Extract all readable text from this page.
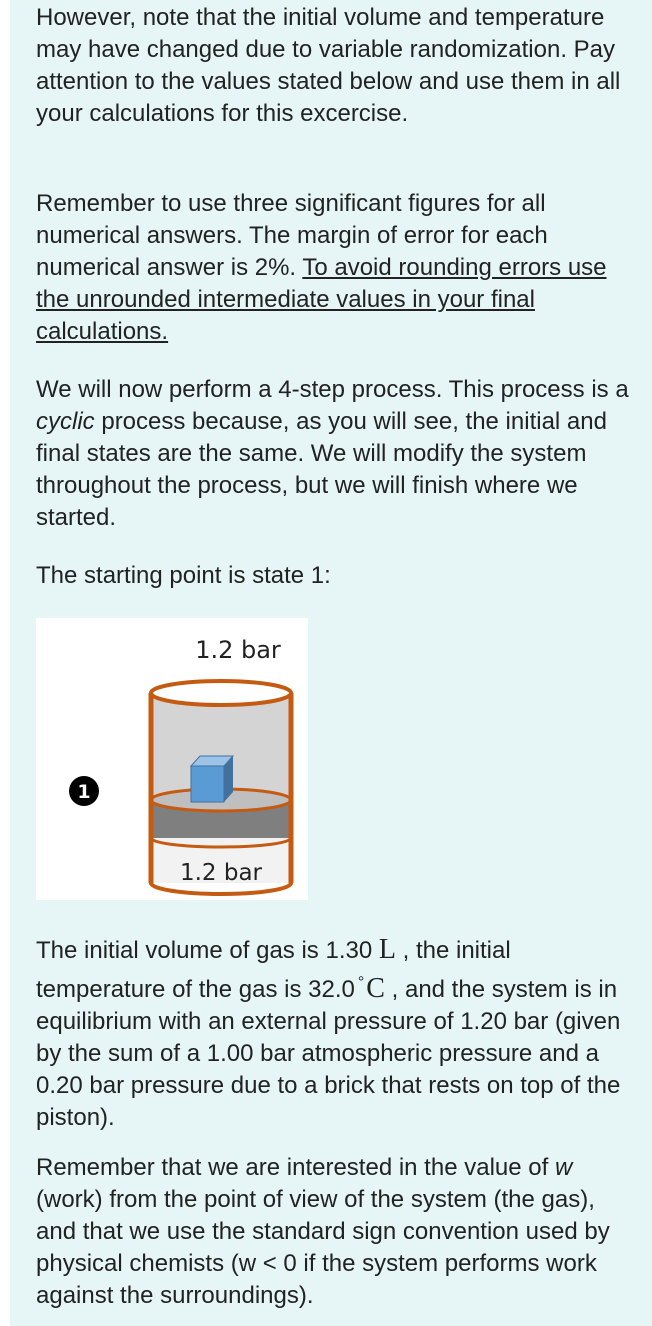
However, note that the initial volume and temperature may have changed due to variable randomization. Pay attention to the values stated below and use them in all your calculations for this excercise.

Remember to use three significant figures for all numerical answers. The margin of error for each numerical answer is 2%. To avoid rounding errors use the unrounded intermediate values in your final calculations.

We will now perform a 4-step process. This process is a cyclic process because, as you will see, the initial and final states are the same. We will modify the system throughout the process, but we will finish where we started.

The starting point is state 1:

The initial volume of gas is 1.30 L , the initial temperature of the gas is 32.0 °C , and the system is in equilibrium with an external pressure of 1.20 bar (given by the sum of a 1.00 bar atmospheric pressure and a 0.20 bar pressure due to a brick that rests on top of the piston).

Remember that we are interested in the value of w (work) from the point of view of the system (the gas), and that we use the standard sign convention used by physical chemists (w < 0 if the system performs work against the surroundings).

1.2 bar
1
1.2 bar
